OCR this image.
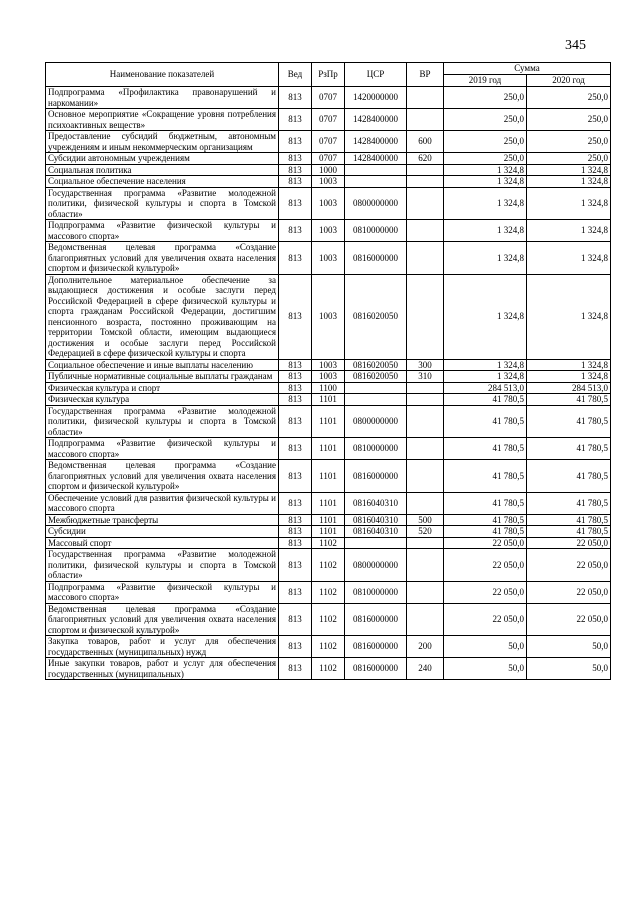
345
Наименование показателей	Вед	РзПр	ЦСР	ВР	Сумма	
					2019 год	2020 год
Подпрограмма «Профилактика правонарушений и наркомании»	813	0707	1420000000		250,0	250,0
Основное мероприятие «Сокращение уровня потребления психоактивных веществ»	813	0707	1428400000		250,0	250,0
Предоставление субсидий бюджетным, автономным учреждениям и иным некоммерческим организациям	813	0707	1428400000	600	250,0	250,0
Субсидии автономным учреждениям	813	0707	1428400000	620	250,0	250,0
Социальная политика	813	1000			1 324,8	1 324,8
Социальное обеспечение населения	813	1003			1 324,8	1 324,8
Государственная программа «Развитие молодежной политики, физической культуры и спорта в Томской области»	813	1003	0800000000		1 324,8	1 324,8
Подпрограмма «Развитие физической культуры и массового спорта»	813	1003	0810000000		1 324,8	1 324,8
Ведомственная целевая программа «Создание благоприятных условий для увеличения охвата населения спортом и физической культурой»	813	1003	0816000000		1 324,8	1 324,8
Дополнительное материальное обеспечение за выдающиеся достижения и особые заслуги перед Российской Федерацией в сфере физической культуры и спорта гражданам Российской Федерации, достигшим пенсионного возраста, постоянно проживающим на территории Томской области, имеющим выдающиеся достижения и особые заслуги перед Российской Федерацией в сфере физической культуры и спорта	813	1003	0816020050		1 324,8	1 324,8
Социальное обеспечение и иные выплаты населению	813	1003	0816020050	300	1 324,8	1 324,8
Публичные нормативные социальные выплаты гражданам	813	1003	0816020050	310	1 324,8	1 324,8
Физическая культура и спорт	813	1100			284 513,0	284 513,0
Физическая культура	813	1101			41 780,5	41 780,5
Государственная программа «Развитие молодежной политики, физической культуры и спорта в Томской области»	813	1101	0800000000		41 780,5	41 780,5
Подпрограмма «Развитие физической культуры и массового спорта»	813	1101	0810000000		41 780,5	41 780,5
Ведомственная целевая программа «Создание благоприятных условий для увеличения охвата населения спортом и физической культурой»	813	1101	0816000000		41 780,5	41 780,5
Обеспечение условий для развития физической культуры и массового спорта	813	1101	0816040310		41 780,5	41 780,5
Межбюджетные трансферты	813	1101	0816040310	500	41 780,5	41 780,5
Субсидии	813	1101	0816040310	520	41 780,5	41 780,5
Массовый спорт	813	1102			22 050,0	22 050,0
Государственная программа «Развитие молодежной политики, физической культуры и спорта в Томской области»	813	1102	0800000000		22 050,0	22 050,0
Подпрограмма «Развитие физической культуры и массового спорта»	813	1102	0810000000		22 050,0	22 050,0
Ведомственная целевая программа «Создание благоприятных условий для увеличения охвата населения спортом и физической культурой»	813	1102	0816000000		22 050,0	22 050,0
Закупка товаров, работ и услуг для обеспечения государственных (муниципальных) нужд	813	1102	0816000000	200	50,0	50,0
Иные закупки товаров, работ и услуг для обеспечения государственных (муниципальных)	813	1102	0816000000	240	50,0	50,0
